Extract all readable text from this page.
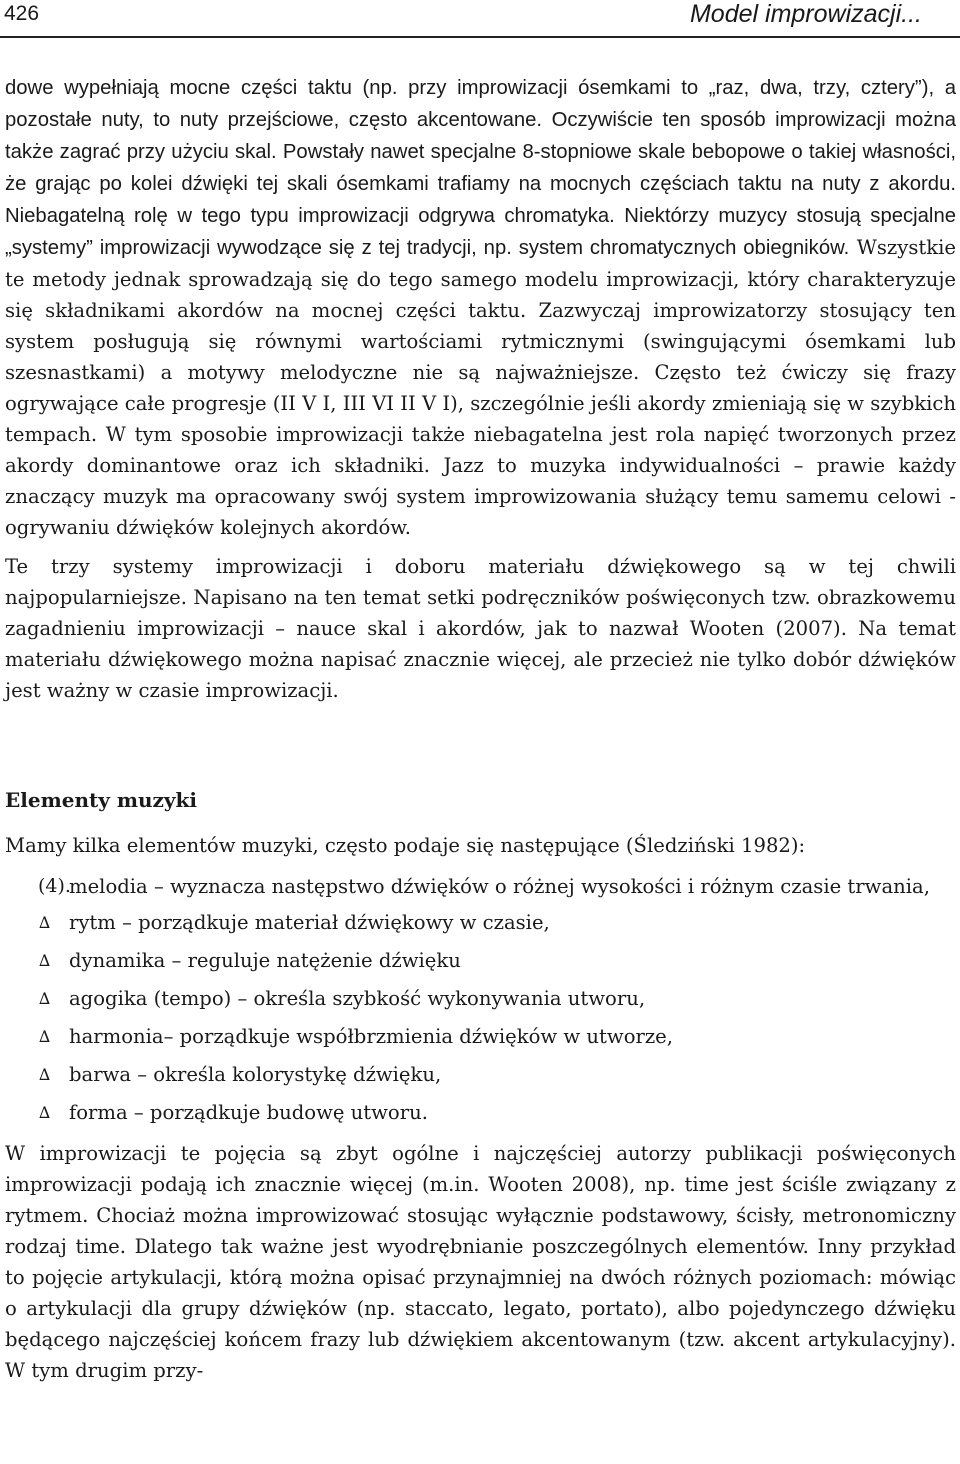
426	Model improwizacji...

dowe wypełniają mocne części taktu (np. przy improwizacji ósemkami to „raz, dwa, trzy, cztery”), a pozostałe nuty, to nuty przejściowe, często akcentowane. Oczywiście ten sposób improwizacji można także zagrać przy użyciu skal. Powstały nawet specjalne 8-stopniowe skale bebopowe o takiej własności, że grając po kolei dźwięki tej skali ósemkami trafiamy na mocnych częściach taktu na nuty z akordu. Niebagatelną rolę w tego typu improwizacji odgrywa chromatyka. Niektórzy muzycy stosują specjalne „systemy” improwizacji wywodzące się z tej tradycji, np. system chromatycznych obiegników. Wszystkie te metody jednak sprowadzają się do tego samego modelu improwizacji, który charakteryzuje się składnikami akordów na mocnej części taktu. Zazwyczaj improwizatorzy stosujący ten system posługują się równymi wartościami rytmicznymi (swingującymi ósemkami lub szesnastkami) a motywy melodyczne nie są najważniejsze. Często też ćwiczy się frazy ogrywające całe progresje (II V I, III VI II V I), szczególnie jeśli akordy zmieniają się w szybkich tempach. W tym sposobie improwizacji także niebagatelna jest rola napięć tworzonych przez akordy dominantowe oraz ich składniki. Jazz to muzyka indywidualności – prawie każdy znaczący muzyk ma opracowany swój system improwizowania służący temu samemu celowi - ogrywaniu dźwięków kolejnych akordów.

Te trzy systemy improwizacji i doboru materiału dźwiękowego są w tej chwili najpopularniejsze. Napisano na ten temat setki podręczników poświęconych tzw. obrazkowemu zagadnieniu improwizacji – nauce skal i akordów, jak to nazwał Wooten (2007). Na temat materiału dźwiękowego można napisać znacznie więcej, ale przecież nie tylko dobór dźwięków jest ważny w czasie improwizacji.

Elementy muzyki

Mamy kilka elementów muzyki, często podaje się następujące (Śledziński 1982):

(4).
melodia – wyznacza następstwo dźwięków o różnej wysokości i różnym czasie trwania,
∆ rytm – porządkuje materiał dźwiękowy w czasie,
∆ dynamika – reguluje natężenie dźwięku
∆ agogika (tempo) – określa szybkość wykonywania utworu,
∆ harmonia– porządkuje współbrzmienia dźwięków w utworze,
∆ barwa – określa kolorystykę dźwięku,
∆ forma – porządkuje budowę utworu.

W improwizacji te pojęcia są zbyt ogólne i najczęściej autorzy publikacji poświęconych improwizacji podają ich znacznie więcej (m.in. Wooten 2008), np. time jest ściśle związany z rytmem. Chociaż można improwizować stosując wyłącznie podstawowy, ścisły, metronomiczny rodzaj time. Dlatego tak ważne jest wyodrębnianie poszczególnych elementów. Inny przykład to pojęcie artykulacji, którą można opisać przynajmniej na dwóch różnych poziomach: mówiąc o artykulacji dla grupy dźwięków (np. staccato, legato, portato), albo pojedynczego dźwięku będącego najczęściej końcem frazy lub dźwiękiem akcentowanym (tzw. akcent artykulacyjny). W tym drugim przy-
